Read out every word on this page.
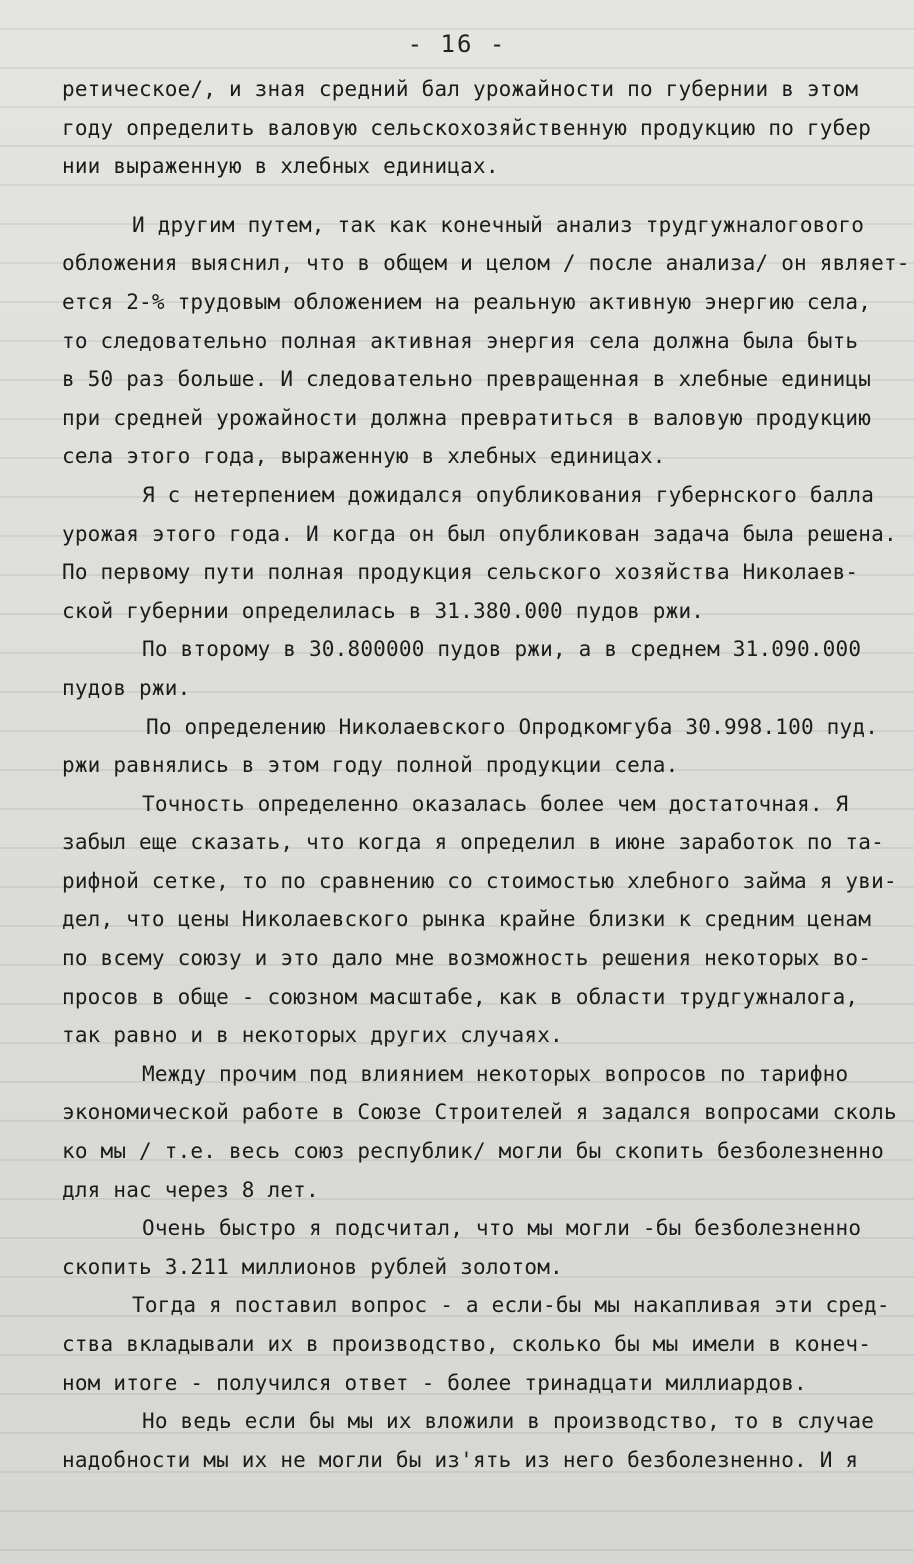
- 16 -
ретическое/, и зная средний бал урожайности по губернии в этом
году определить валовую сельскохозяйственную продукцию по губер
нии выраженную в хлебных единицах.
И другим путем, так как конечный анализ трудгужналогового
обложения выяснил, что в общем и целом / после анализа/ он являет-
ется 2-% трудовым обложением на реальную активную энергию села,
то следовательно полная активная энергия села должна была быть
в 50 раз больше. И следовательно превращенная в хлебные единицы
при средней урожайности должна превратиться в валовую продукцию
села этого года, выраженную в хлебных единицах.
Я с нетерпением дожидался опубликования губернского балла
урожая этого года. И когда он был опубликован задача была решена.
По первому пути полная продукция сельского хозяйства Николаев-
ской губернии определилась в 31.380.000 пудов ржи.
По второму в 30.800000 пудов ржи, а в среднем 31.090.000
пудов ржи.
По определению Николаевского Опродкомгуба 30.998.100 пуд.
ржи равнялись в этом году полной продукции села.
Точность определенно оказалась более чем достаточная. Я
забыл еще сказать, что когда я определил в июне заработок по та-
рифной сетке, то по сравнению со стоимостью хлебного займа я уви-
дел, что цены Николаевского рынка крайне близки к средним ценам
по всему союзу и это дало мне возможность решения некоторых во-
просов в обще - союзном масштабе, как в области трудгужналога,
так равно и в некоторых других случаях.
Между прочим под влиянием некоторых вопросов по тарифно
экономической работе в Союзе Строителей я задался вопросами сколь
ко мы / т.е. весь союз республик/ могли бы скопить безболезненно
для нас через 8 лет.
Очень быстро я подсчитал, что мы могли -бы безболезненно
скопить 3.211 миллионов рублей золотом.
Тогда я поставил вопрос - а если-бы мы накапливая эти сред-
ства вкладывали их в производство, сколько бы мы имели в конеч-
ном итоге - получился ответ - более тринадцати миллиардов.
Но ведь если бы мы их вложили в производство, то в случае
надобности мы их не могли бы из'ять из него безболезненно. И я
